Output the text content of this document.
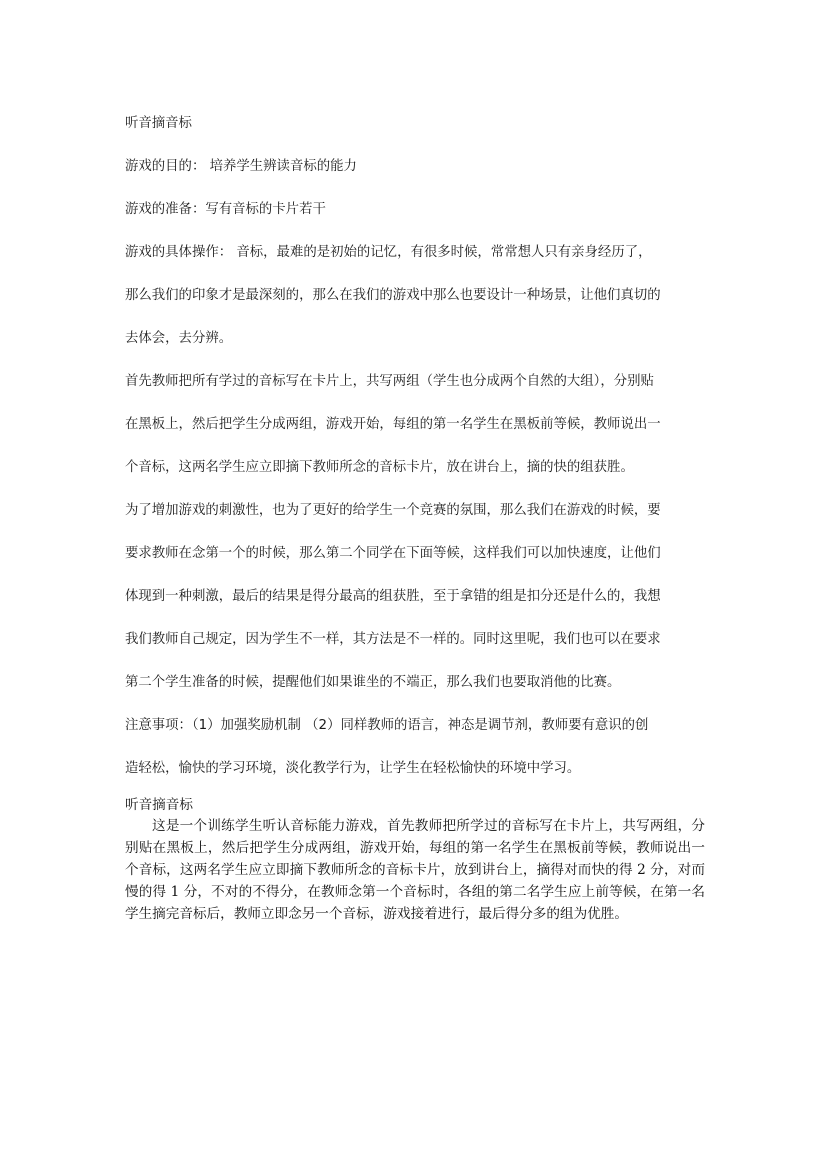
听音摘音标
游戏的目的： 培养学生辨读音标的能力
游戏的准备：写有音标的卡片若干
游戏的具体操作： 音标，最难的是初始的记忆，有很多时候，常常想人只有亲身经历了，
那么我们的印象才是最深刻的，那么在我们的游戏中那么也要设计一种场景，让他们真切的
去体会，去分辨。
首先教师把所有学过的音标写在卡片上，共写两组（学生也分成两个自然的大组），分别贴
在黑板上，然后把学生分成两组，游戏开始，每组的第一名学生在黑板前等候，教师说出一
个音标，这两名学生应立即摘下教师所念的音标卡片，放在讲台上，摘的快的组获胜。
为了增加游戏的刺激性，也为了更好的给学生一个竞赛的氛围，那么我们在游戏的时候，要
要求教师在念第一个的时候，那么第二个同学在下面等候，这样我们可以加快速度，让他们
体现到一种刺激，最后的结果是得分最高的组获胜，至于拿错的组是扣分还是什么的，我想
我们教师自己规定，因为学生不一样，其方法是不一样的。同时这里呢，我们也可以在要求
第二个学生准备的时候，提醒他们如果谁坐的不端正，那么我们也要取消他的比赛。
注意事项：（1）加强奖励机制 （2）同样教师的语言，神态是调节剂，教师要有意识的创
造轻松，愉快的学习环境，淡化教学行为，让学生在轻松愉快的环境中学习。
听音摘音标
这是一个训练学生听认音标能力游戏，首先教师把所学过的音标写在卡片上，共写两组，分别贴在黑板上，然后把学生分成两组，游戏开始，每组的第一名学生在黑板前等候，教师说出一个音标，这两名学生应立即摘下教师所念的音标卡片，放到讲台上，摘得对而快的得 2 分，对而慢的得 1 分，不对的不得分，在教师念第一个音标时，各组的第二名学生应上前等候，在第一名学生摘完音标后，教师立即念另一个音标，游戏接着进行，最后得分多的组为优胜。
